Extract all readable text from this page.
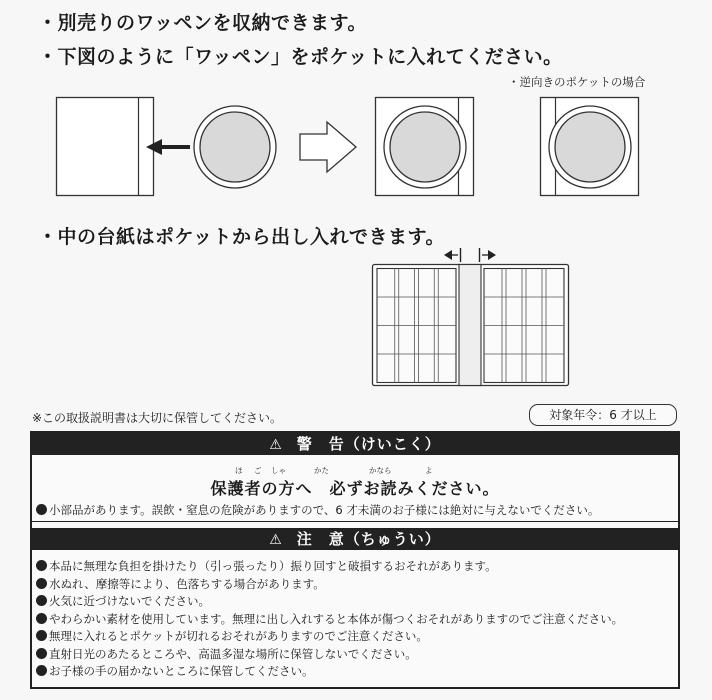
・別売りのワッペンを収納できます。
・下図のように「ワッペン」をポケットに入れてください。
・逆向きのポケットの場合
・中の台紙はポケットから出し入れできます。
※この取扱説明書は大切に保管してください。	対象年令：6 才以上
⚠ 警　告（けいこく）
ほ ご しゃ	かた	かなら	よ
保護者の方へ　必ずお読みください。
小部品があります。誤飲・窒息の危険がありますので、6 才未満のお子様には絶対に与えないでください。
⚠ 注　意（ちゅうい）
本品に無理な負担を掛けたり（引っ張ったり）振り回すと破損するおそれがあります。
水ぬれ、摩擦等により、色落ちする場合があります。
火気に近づけないでください。
やわらかい素材を使用しています。無理に出し入れすると本体が傷つくおそれがありますのでご注意ください。
無理に入れるとポケットが切れるおそれがありますのでご注意ください。
直射日光のあたるところや、高温多湿な場所に保管しないでください。
お子様の手の届かないところに保管してください。
